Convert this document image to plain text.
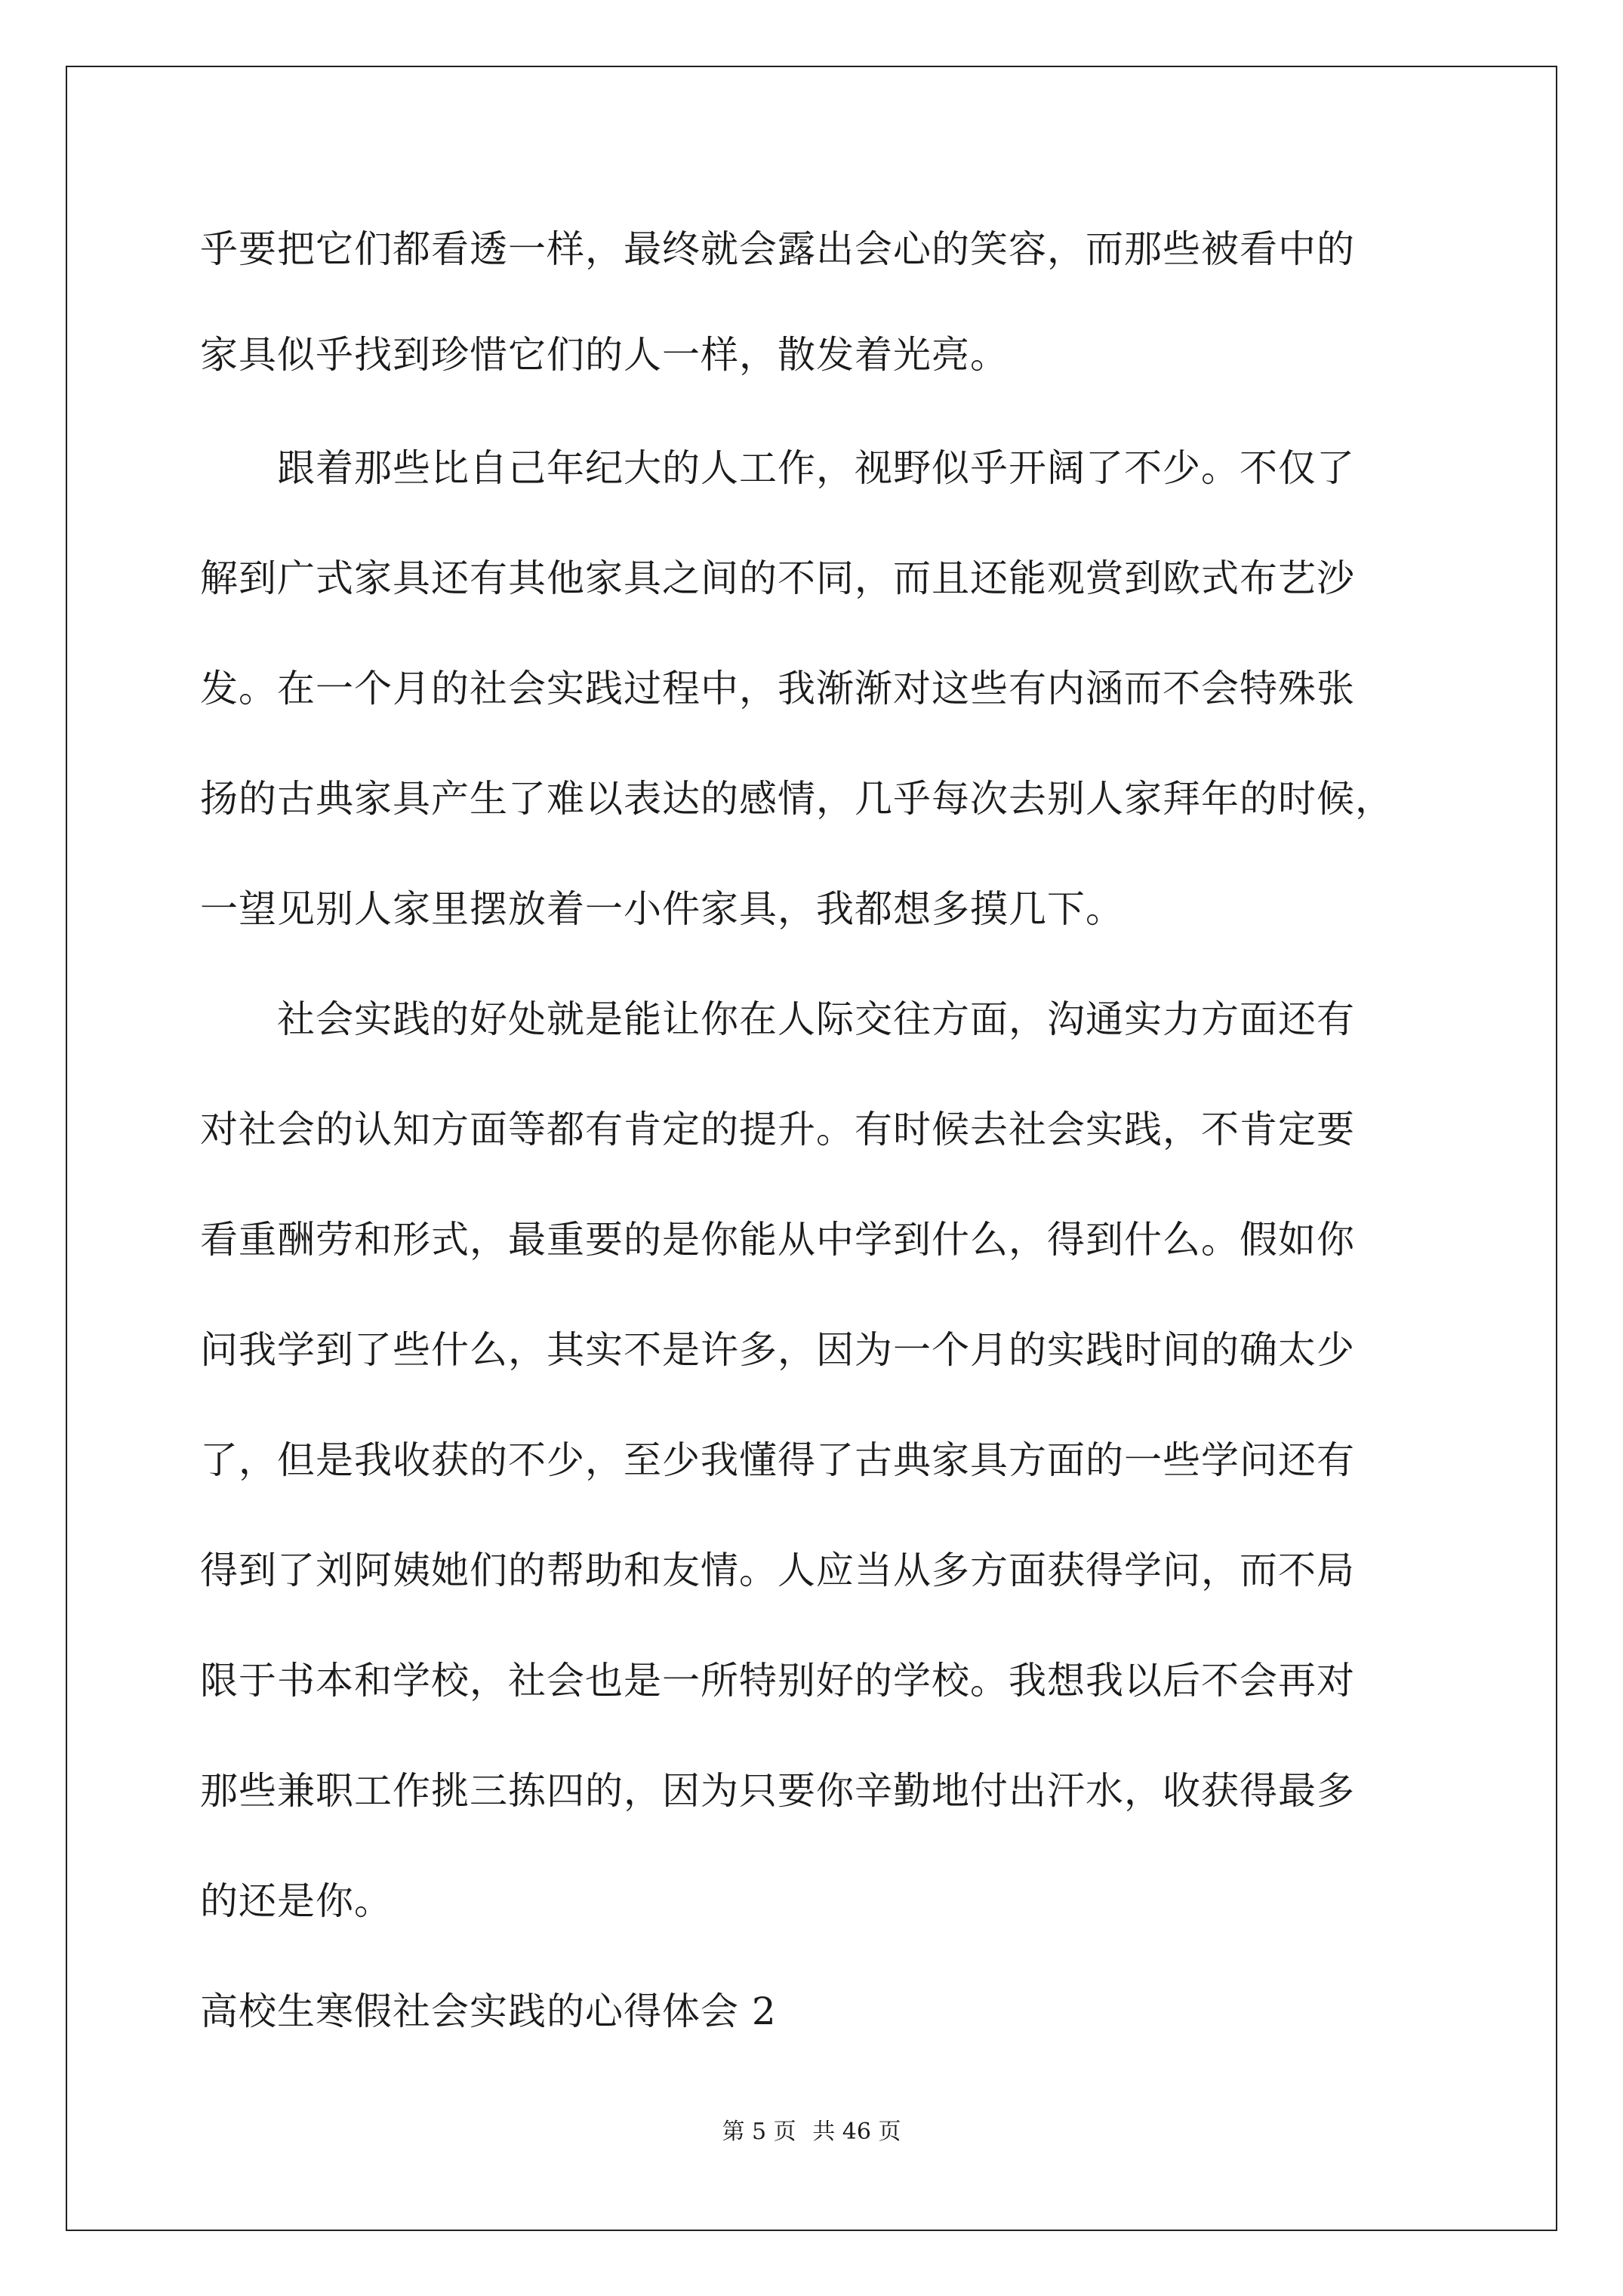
乎要把它们都看透一样，最终就会露出会心的笑容，而那些被看中的
家具似乎找到珍惜它们的人一样，散发着光亮。
　　跟着那些比自己年纪大的人工作，视野似乎开阔了不少。不仅了
解到广式家具还有其他家具之间的不同，而且还能观赏到欧式布艺沙
发。在一个月的社会实践过程中，我渐渐对这些有内涵而不会特殊张
扬的古典家具产生了难以表达的感情，几乎每次去别人家拜年的时候，
一望见别人家里摆放着一小件家具，我都想多摸几下。
　　社会实践的好处就是能让你在人际交往方面，沟通实力方面还有
对社会的认知方面等都有肯定的提升。有时候去社会实践，不肯定要
看重酬劳和形式，最重要的是你能从中学到什么，得到什么。假如你
问我学到了些什么，其实不是许多，因为一个月的实践时间的确太少
了，但是我收获的不少，至少我懂得了古典家具方面的一些学问还有
得到了刘阿姨她们的帮助和友情。人应当从多方面获得学问，而不局
限于书本和学校，社会也是一所特别好的学校。我想我以后不会再对
那些兼职工作挑三拣四的，因为只要你辛勤地付出汗水，收获得最多
的还是你。
高校生寒假社会实践的心得体会 2
第 5 页 共 46 页
